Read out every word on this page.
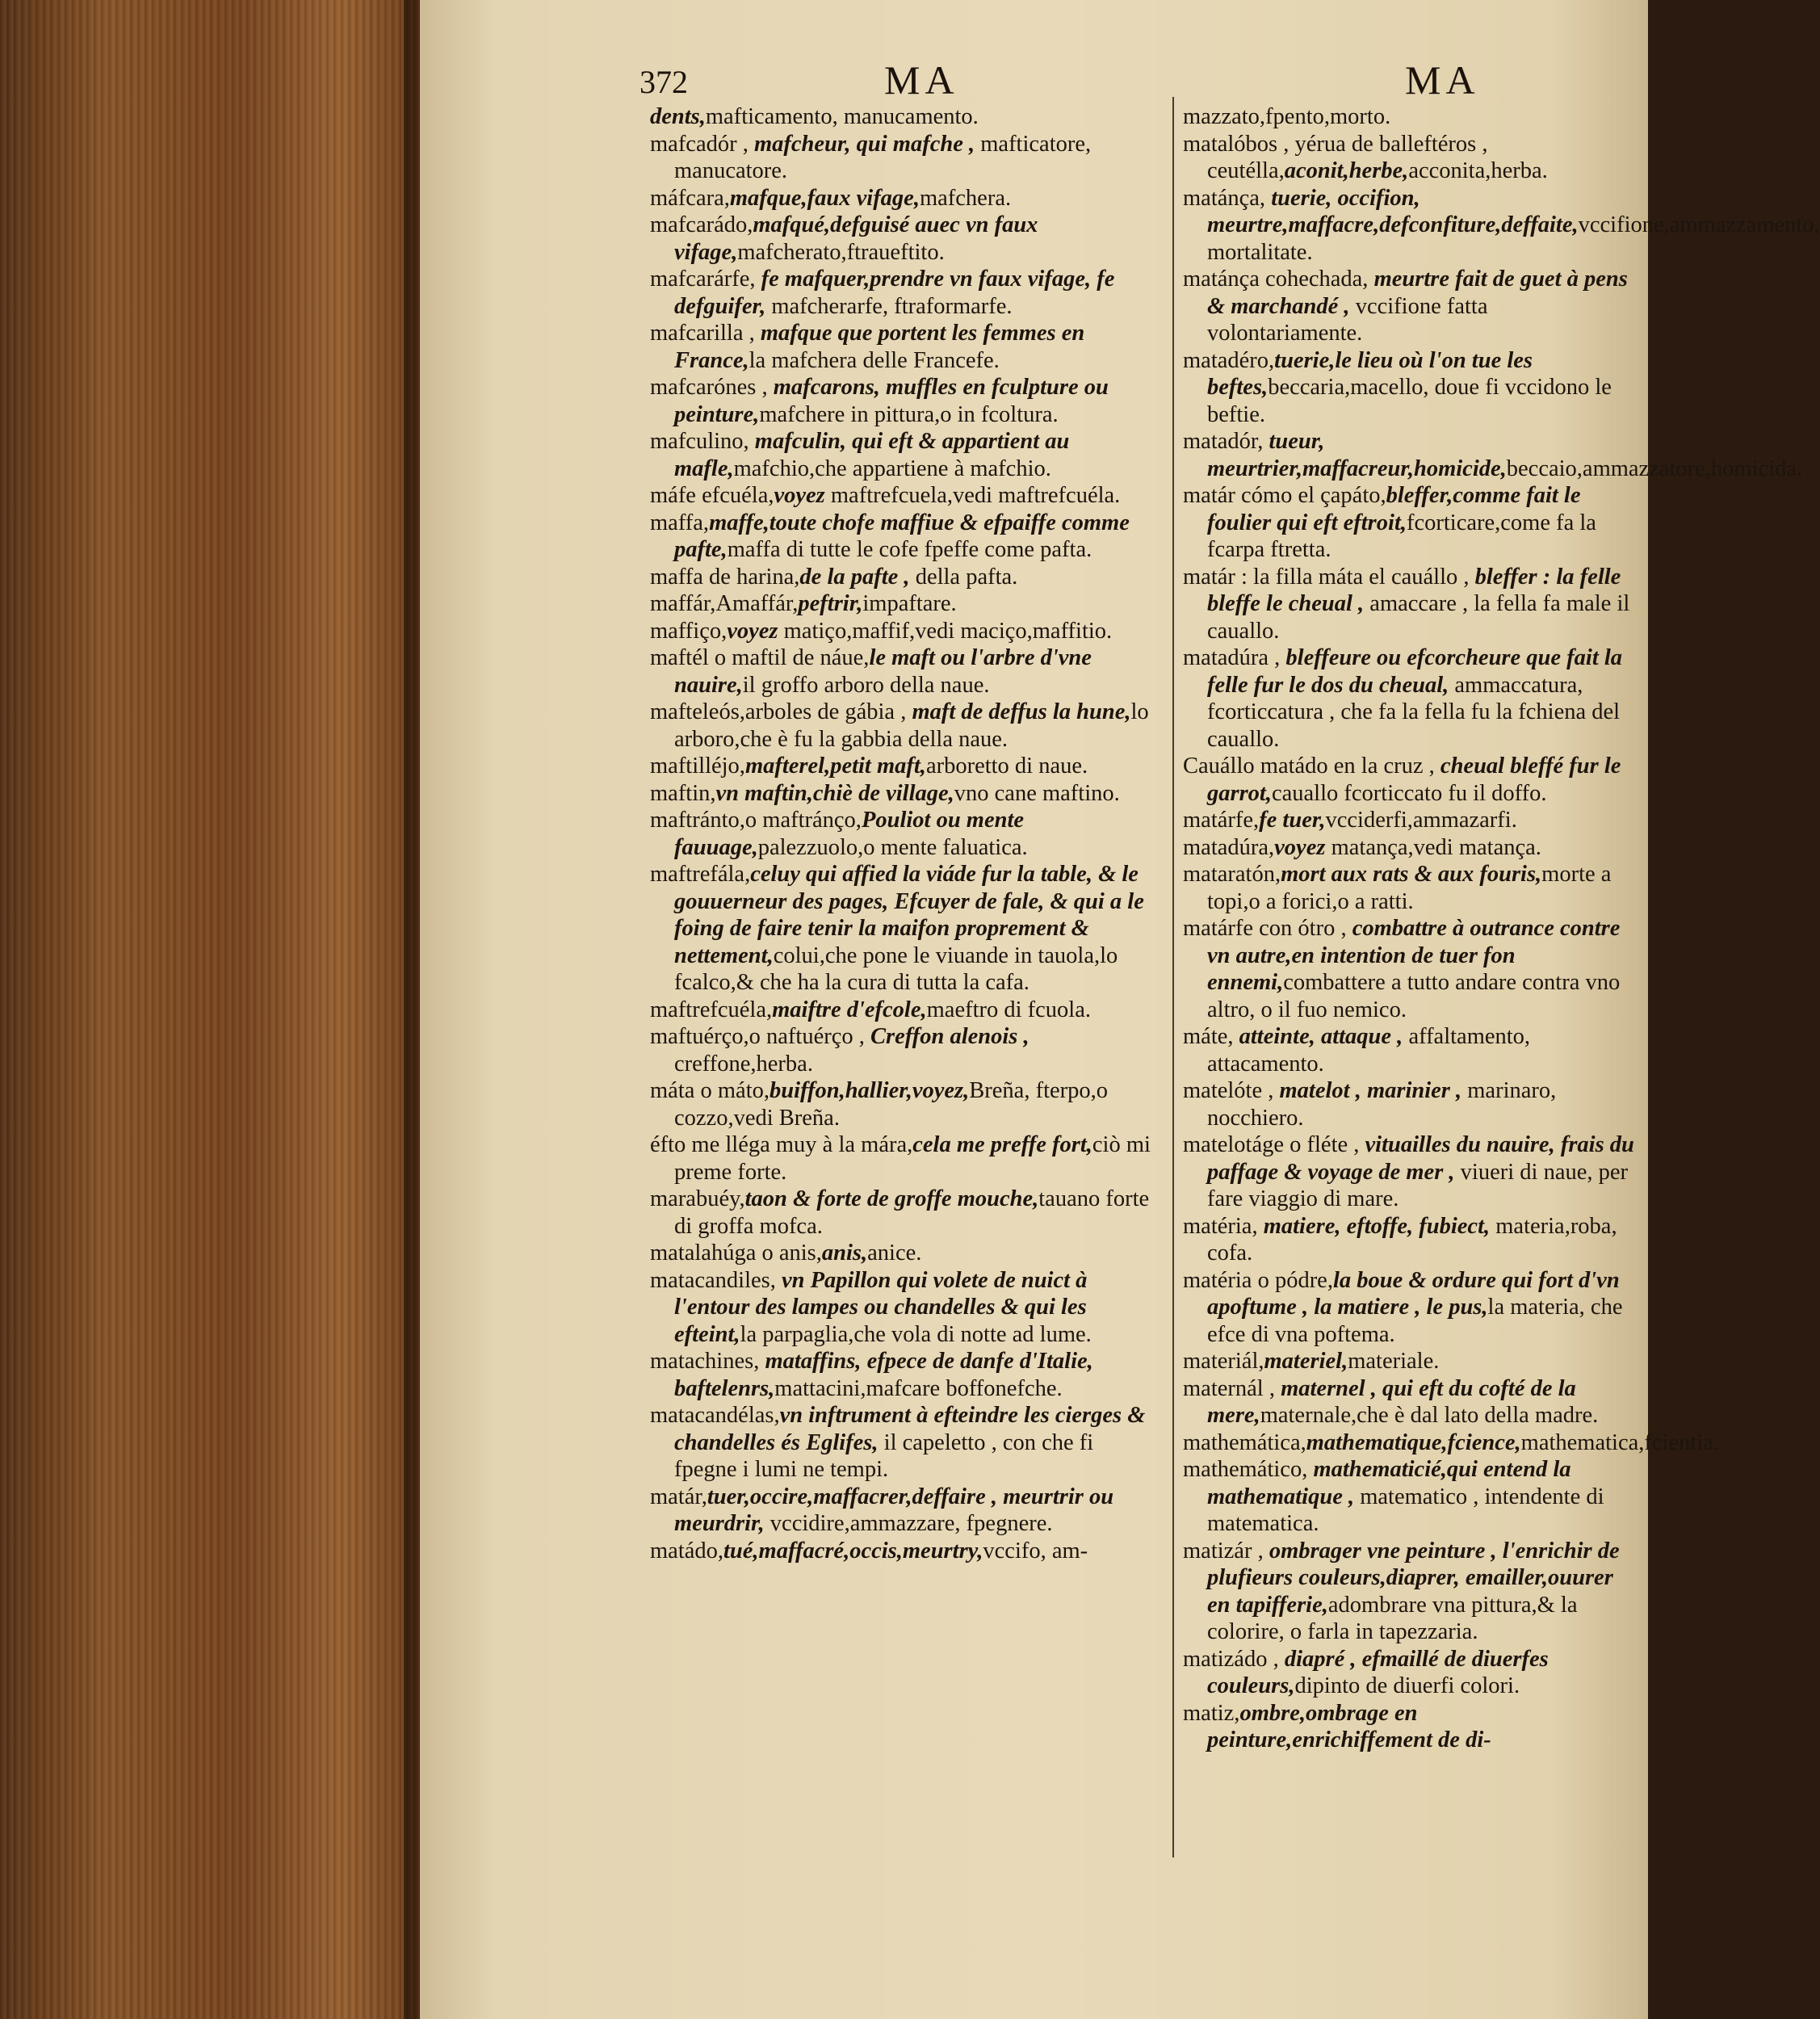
372	MA	MA

dents,mafticamento, manucamento.

mafcadór , mafcheur, qui mafche , mafticatore, manucatore.

máfcara,mafque,faux vifage,mafchera.

mafcarádo,mafqué,defguisé auec vn faux vifage,mafcherato,ftraueftito.

mafcarárfe, fe mafquer,prendre vn faux vifage, fe defguifer, mafcherarfe, ftraformarfe.

mafcarilla , mafque que portent les femmes en France,la mafchera delle Francefe.

mafcarónes , mafcarons, muffles en fculpture ou peinture,mafchere in pittura,o in fcoltura.

mafculino, mafculin, qui eft & appartient au mafle,mafchio,che appartiene à mafchio.

máfe efcuéla,voyez maftrefcuela,vedi maftrefcuéla.

maffa,maffe,toute chofe maffiue & efpaiffe comme pafte,maffa di tutte le cofe fpeffe come pafta.

maffa de harina,de la pafte , della pafta.

maffár,Amaffár,peftrir,impaftare.

maffiço,voyez matiço,maffif,vedi maciço,maffitio.

maftél o maftil de náue,le maft ou l'arbre d'vne nauire,il groffo arboro della naue.

mafteleós,arboles de gábia , maft de deffus la hune,lo arboro,che è fu la gabbia della naue.

maftilléjo,mafterel,petit maft,arboretto di naue.

maftin,vn maftin,chiè de village,vno cane maftino.

maftránto,o maftránço,Pouliot ou mente fauuage,palezzuolo,o mente faluatica.

maftrefála,celuy qui affied la viáde fur la table, & le gouuerneur des pages, Efcuyer de fale, & qui a le foing de faire tenir la maifon proprement & nettement,colui,che pone le viuande in tauola,lo fcalco,& che ha la cura di tutta la cafa.

maftrefcuéla,maiftre d'efcole,maeftro di fcuola.

maftuérço,o naftuérço , Creffon alenois , creffone,herba.

máta o máto,buiffon,hallier,voyez,Breña, fterpo,o cozzo,vedi Breña.

éfto me lléga muy à la mára,cela me preffe fort,ciò mi preme forte.

marabuéy,taon & forte de groffe mouche,tauano forte di groffa mofca.

matalahúga o anis,anis,anice.

matacandiles, vn Papillon qui volete de nuict à l'entour des lampes ou chandelles & qui les efteint,la parpaglia,che vola di notte ad lume.

matachines, mataffins, efpece de danfe d'Italie, baftelenrs,mattacini,mafcare boffonefche.

matacandélas,vn inftrument à efteindre les cierges & chandelles és Eglifes, il capeletto , con che fi fpegne i lumi ne tempi.

matár,tuer,occire,maffacrer,deffaire , meurtrir ou meurdrir, vccidire,ammazzare, fpegnere.

matádo,tué,maffacré,occis,meurtry,vccifo, am-

mazzato,fpento,morto.

matalóbos , yérua de balleftéros , ceutélla,aconit,herbe,acconita,herba.

matánça, tuerie, occifion, meurtre,maffacre,defconfiture,deffaite,vccifione,ammazzamento, mortalitate.

matánça cohechada, meurtre fait de guet à pens & marchandé , vccifione fatta volontariamente.

matadéro,tuerie,le lieu où l'on tue les beftes,beccaria,macello, doue fi vccidono le beftie.

matadór, tueur, meurtrier,maffacreur,homicide,beccaio,ammazzatore,homicida.

matár cómo el çapáto,bleffer,comme fait le foulier qui eft eftroit,fcorticare,come fa la fcarpa ftretta.

matár : la filla máta el cauállo , bleffer : la felle bleffe le cheual , amaccare , la fella fa male il cauallo.

matadúra , bleffeure ou efcorcheure que fait la felle fur le dos du cheual, ammaccatura, fcorticcatura , che fa la fella fu la fchiena del cauallo.

Cauállo matádo en la cruz , cheual bleffé fur le garrot,cauallo fcorticcato fu il doffo.

matárfe,fe tuer,vcciderfi,ammazarfi.

matadúra,voyez matança,vedi matança.

mataratón,mort aux rats & aux fouris,morte a topi,o a forici,o a ratti.

matárfe con ótro , combattre à outrance contre vn autre,en intention de tuer fon ennemi,combattere a tutto andare contra vno altro, o il fuo nemico.

máte, atteinte, attaque , affaltamento, attacamento.

matelóte , matelot , marinier , marinaro, nocchiero.

matelotáge o fléte , vituailles du nauire, frais du paffage & voyage de mer , viueri di naue, per fare viaggio di mare.

matéria, matiere, eftoffe, fubiect, materia,roba, cofa.

matéria o pódre,la boue & ordure qui fort d'vn apoftume , la matiere , le pus,la materia, che efce di vna poftema.

materiál,materiel,materiale.

maternál , maternel , qui eft du cofté de la mere,maternale,che è dal lato della madre.

mathemática,mathematique,fcience,mathematica,fcientia.

mathemático, mathematicié,qui entend la mathematique , matematico , intendente di matematica.

matizár , ombrager vne peinture , l'enrichir de plufieurs couleurs,diaprer, emailler,ouurer en tapifferie,adombrare vna pittura,& la colorire, o farla in tapezzaria.

matizádo , diapré , efmaillé de diuerfes couleurs,dipinto de diuerfi colori.

matiz,ombre,ombrage en peinture,enrichiffement de di-
